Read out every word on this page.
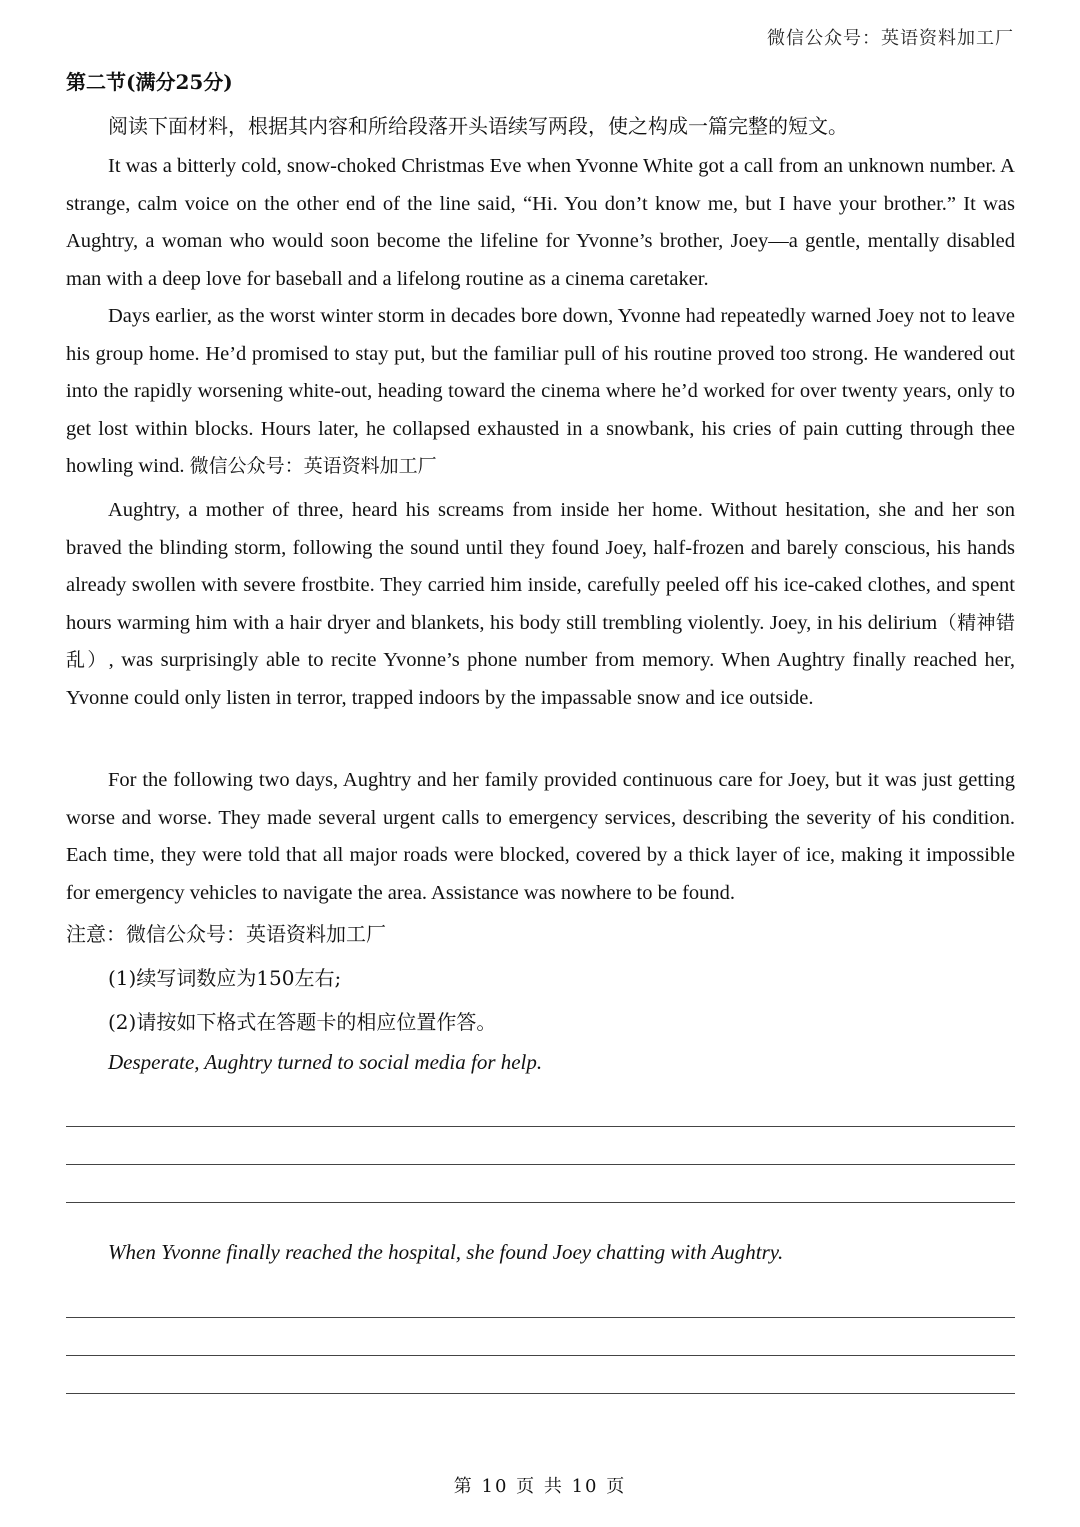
微信公众号：英语资料加工厂
第二节(满分25分)
阅读下面材料，根据其内容和所给段落开头语续写两段，使之构成一篇完整的短文。

It was a bitterly cold, snow-choked Christmas Eve when Yvonne White got a call from an unknown number. A strange, calm voice on the other end of the line said, “Hi. You don’t know me, but I have your brother.” It was Aughtry, a woman who would soon become the lifeline for Yvonne’s brother, Joey—a gentle, mentally disabled man with a deep love for baseball and a lifelong routine as a cinema caretaker.

Days earlier, as the worst winter storm in decades bore down, Yvonne had repeatedly warned Joey not to leave his group home. He’d promised to stay put, but the familiar pull of his routine proved too strong. He wandered out into the rapidly worsening white-out, heading toward the cinema where he’d worked for over twenty years, only to get lost within blocks. Hours later, he collapsed exhausted in a snowbank, his cries of pain cutting through thee howling wind. 微信公众号：英语资料加工厂

Aughtry, a mother of three, heard his screams from inside her home. Without hesitation, she and her son braved the blinding storm, following the sound until they found Joey, half-frozen and barely conscious, his hands already swollen with severe frostbite. They carried him inside, carefully peeled off his ice-caked clothes, and spent hours warming him with a hair dryer and blankets, his body still trembling violently. Joey, in his delirium（精神错乱）, was surprisingly able to recite Yvonne’s phone number from memory. When Aughtry finally reached her, Yvonne could only listen in terror, trapped indoors by the impassable snow and ice outside.

For the following two days, Aughtry and her family provided continuous care for Joey, but it was just getting worse and worse. They made several urgent calls to emergency services, describing the severity of his condition. Each time, they were told that all major roads were blocked, covered by a thick layer of ice, making it impossible for emergency vehicles to navigate the area. Assistance was nowhere to be found.

注意：微信公众号：英语资料加工厂
(1)续写词数应为150左右;
(2)请按如下格式在答题卡的相应位置作答。
Desperate, Aughtry turned to social media for help.
When Yvonne finally reached the hospital, she found Joey chatting with Aughtry.
第 10 页 共 10 页
